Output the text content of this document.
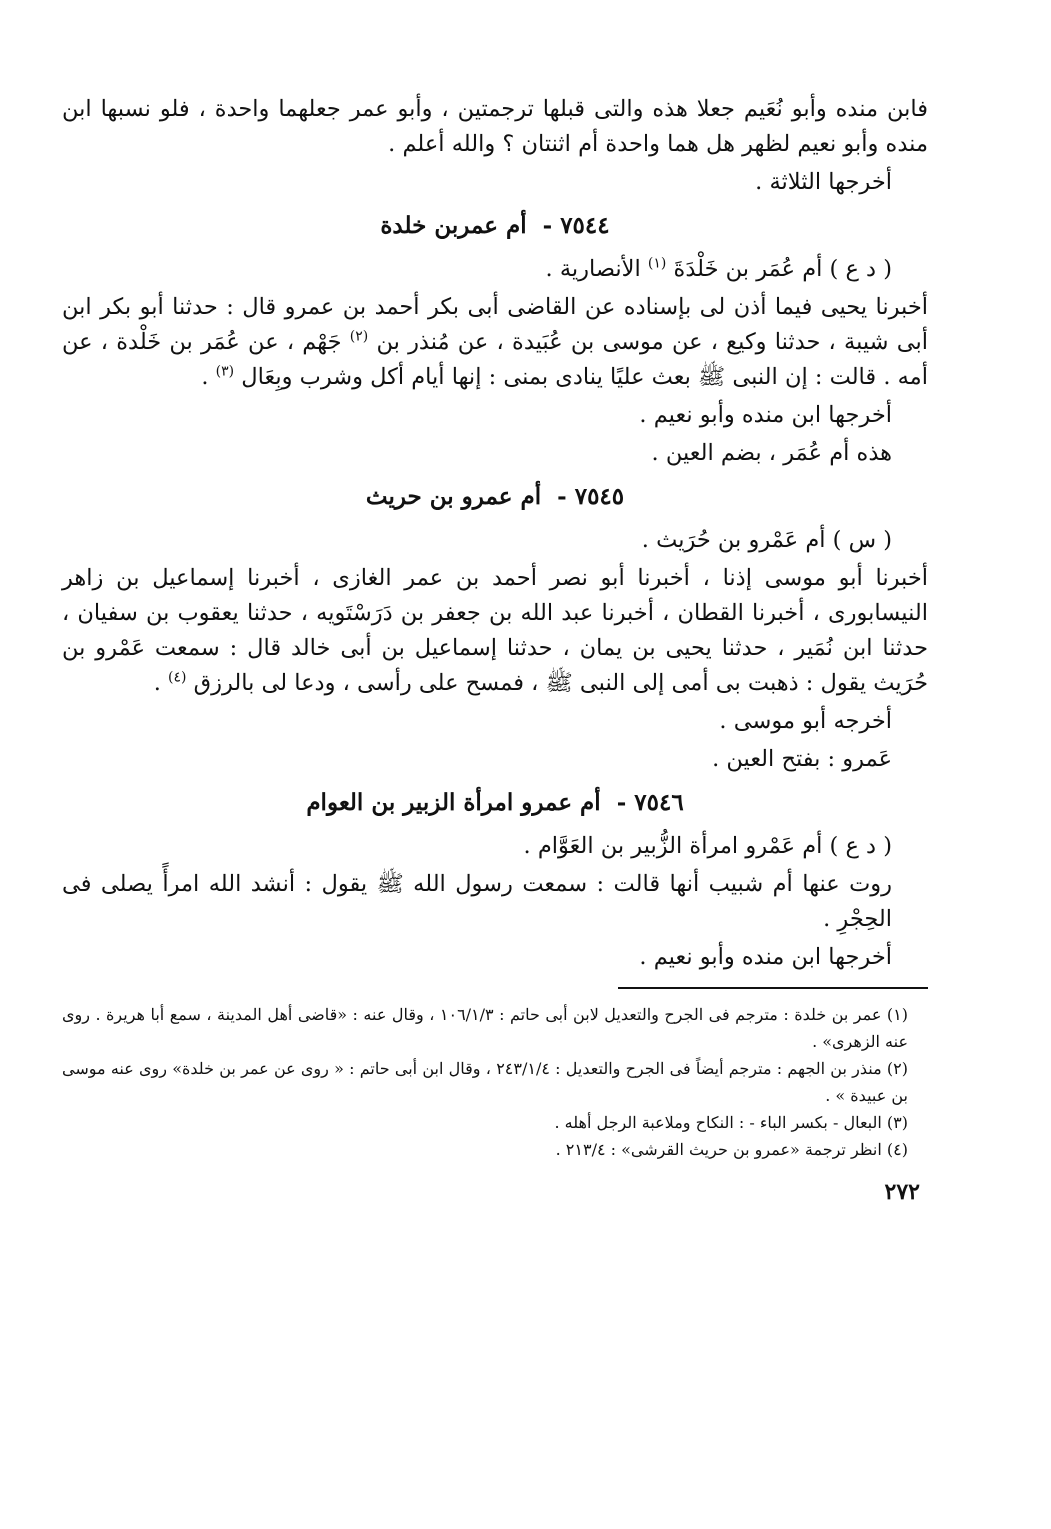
فابن منده وأبو نُعَيم جعلا هذه والتى قبلها ترجمتين ، وأبو عمر جعلهما واحدة ، فلو نسبها ابن منده وأبو نعيم لظهر هل هما واحدة أم اثنتان ؟ والله أعلم .

أخرجها الثلاثة .

٧٥٤٤ - أم عمربن خلدة

( د ع ) أم عُمَر بن خَلْدَةَ $^{(١)}$ الأنصارية .

أخبرنا يحيى فيما أذن لى بإسناده عن القاضى أبى بكر أحمد بن عمرو قال : حدثنا أبو بكر ابن أبى شيبة ، حدثنا وكيع ، عن موسى بن عُبَيدة ، عن مُنذر بن $^{(٢)}$ جَهْم ، عن عُمَر بن خَلْدة ، عن أمه . قالت : إن النبى ﷺ بعث عليًا ينادى بمنى : إنها أيام أكل وشرب وبِعَال $^{(٣)}$ .

أخرجها ابن منده وأبو نعيم .

هذه أم عُمَر ، بضم العين .

٧٥٤٥ - أم عمرو بن حريث

( س ) أم عَمْرو بن حُرَيث .

أخبرنا أبو موسى إذنا ، أخبرنا أبو نصر أحمد بن عمر الغازى ، أخبرنا إسماعيل بن زاهر النيسابورى ، أخبرنا القطان ، أخبرنا عبد الله بن جعفر بن دَرَسْتَويه ، حدثنا يعقوب بن سفيان ، حدثنا ابن نُمَير ، حدثنا يحيى بن يمان ، حدثنا إسماعيل بن أبى خالد قال : سمعت عَمْرو بن حُرَيث يقول : ذهبت بى أمى إلى النبى ﷺ ، فمسح على رأسى ، ودعا لى بالرزق $^{(٤)}$ .

أخرجه أبو موسى .

عَمرو : بفتح العين .

٧٥٤٦ - أم عمرو امرأة الزبير بن العوام

( د ع ) أم عَمْرو امرأة الزُّبير بن العَوَّام .

روت عنها أم شبيب أنها قالت : سمعت رسول الله ﷺ يقول : أنشد الله امرأً يصلى فى الحِجْرِ .

أخرجها ابن منده وأبو نعيم .

(١) عمر بن خلدة : مترجم فى الجرح والتعديل لابن أبى حاتم : ١٠٦/١/٣ ، وقال عنه : «قاضى أهل المدينة ، سمع أبا هريرة . روى عنه الزهرى» .
(٢) منذر بن الجهم : مترجم أيضاً فى الجرح والتعديل : ٢٤٣/١/٤ ، وقال ابن أبى حاتم : « روى عن عمر بن خلدة» روى عنه موسى بن عبيدة » .
(٣) البعال - بكسر الباء - : النكاح وملاعبة الرجل أهله .
(٤) انظر ترجمة «عمرو بن حريث القرشى» : ٢١٣/٤ .
٢٧٢
